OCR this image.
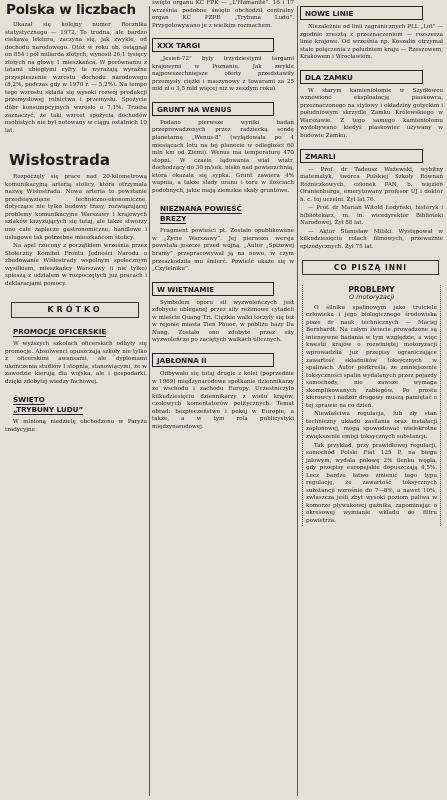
Polska w liczbach

Ukazał się kolejny numer Rocznika statystycznego — 1972. To trudna, ale bardzo ciekawa lektura, zaczyna się, jak zwykle, od dochodu narodowego. Otóż w roku ub. osiągnął on 854 i pół miliarda złotych, wynosił 26,1 tysięcy złotych na głowę 1 mieszkańca. W porównaniu z latami ubiegłymi cyfry te wyrażają wyraźne przyspieszenie wzrostu dochodu narodowego (8,2%, podczas gdy w 1970 r. — 5,2%). Na tempo tego wzrostu składa się wysoki rozwój produkcji przemysłowej rolnictwa i przemysłu. Spożycie dóbr konsumpcyjnych wzrosło o 7,1%. Trzeba zaznaczyć, że taki wzrost spożycia dochodów osobistych nie był notowany w ciągu ostatnich 10 lat.

Wisłostrada

Rozpoczęły się prace nad 20-kilometrową komunikacyjną arterią stolicy, która otrzymała nazwę Wisłostrada. Nowa arteria to powstanie przedsięwzięcie techniczno-ekonomiczne, dotyczące nie tylko budowy trasy, rozwiązującej problemy komunikacyjne Warszawy i krajowych szlaków krzyżujących się tutaj, ale także stworzy ono całe zaplecze gastronomiczne, handlowe i usługowe tak potrzebne mieszkańcom stolicy.

Na apel rzucony z początkiem września przez Stołeczny Komitet Frontu Jedności Narodu o zbudowanie Wisłostrady wspólnym społecznym wysiłkiem, mieszkańcy Warszawy (i nie tylko) spieszą z udziałem w rozpoczętych już pracach i deklaracjami pomocy.

KRÓTKO
PROMOCJE OFICERSKIE

W wyższych szkołach oficerskich odbyły się promocje. Absolwenci opuszczają szkoły nie tylko z oficerskimi awansami, ale dyplomami ukończenia studiów I stopnia, stanowiącymi, że w zawodzie kierują dla wojska, ale i gospodarki, dzięki zdobytej wiedzy fachowej.

ŚWIĘTO
„TRYBUNY LUDU”

W minioną niedzielę obchodzono w Paryżu tradycyjne

święto organu KC FPK — „L'Humanité”. 16 i 17 września podobne święto obchodził centralny organ KC PZPR „Trybuna Ludu”. Przygotowywano je z wielkim rozmachem.

XXX TARGI

„Jesień-72” były trzydziestymi targami krajowymi w Poznaniu. Jak zwykle najpowszechniejsze oferty przedstawiły przemysły ciężki i maszynowy z towarami za 25 mld zł o 3,5 mld więcej niż w zeszłym roku).

GRUNT NA WENUS

Podano pierwsze wyniki badań przeprowadzonych przez radziecką sondę planetarną „Wenus-8” (wylądowała po 4 miesiącach lotu na tej planecie w odległości 60 mln km od Ziemi). Wenus ma temperaturę 470 stopni. W czasie lądowania wiał wiatr, dochodzący do 30 m/sek. nisko nad powierzchnią, która okazała się sypka. Grunt zawiera 4% wapnia, a także ślady uranu i toru w ilościach podobnych, jakie mają ziemskie skały gruntowe.

NIEZNANA POWIEŚĆ
BREZY

Fragment powieści pt. Zostało opublikowane w „Życie Warszawy”. Jej pierwsza wersja powstała jeszcze przed wojną. „Autor „Spiżowej bramy” przepracowywał ją na nowo, w czym przeszkodziła mu śmierć. Powieść ukaże się w „Czytelniku”.

W WIETNAMIE

Symbolem oporu sił wyzwoleńczych jest zdobycie obleganej przez siły reżimowe cytadeli w mieście Quang Tri. Ciężkie walki toczyły się też w rejonie miasta Tien Phuoc, w pobliżu bazy Da Nang. Zostało ono zdobyte przez siły wyzwoleńcze po zaciętych walkach ulicznych.

JABŁONNA II

Odbywało się tutaj drugie z kolei (poprzednie w 1969) międzynarodowe spotkanie dziennikarzy ze wschodu i zachodu Europy. Uczestniczyło kilkudziesięciu dziennikarzy z wielu krajów, czołowych komentatorów politycznych. Temat obrad: bezpieczeństwo i pokój w Europie, a także, a w tym rola publicystyki międzynarodowej.

NOWE LINIE

Niezależnie od linii zagranicznych PLL „Lot” — zgodnie zresztą z przeznaczeniem — rozszerza linie krajowe. Od września np. Koszalin otrzymał stałe połączenia z południem kraju — Rzeszowem, Krakowem i Wrocławiem.

DLA ZAMKU

W starym kamieniołomie w Szydłowcu wznowiono eksploatację piaskowca, przeznaczonego na stylowy i okładziny gotyckim i południowym skrzydle Zamku Królewskiego w Warszawie. Z tego samego kamieniołomu wydobywano kiedyś piaskowiec używany w budowie Zamku.

ZMARLI

— Prof. dr Tadeusz Ważewski, wybitny matematyk, twórca Polskiej Szkoły Równań Różniczkowych, członek PAN, b. więzień Oranienburga, emerytowany profesor UJ i doktor h. c. tej uczelni. Żył lat 76.

— Prof. dr Marian Witold Łodyński, historyk i bibliotekarz, m. in. wicedyrektor Biblioteki Narodowej. Żył 88 lat.

— Aktor Stanisław Milski. Występował w kilkudziesięciu rolach filmowych, przeważnie epizodycznych. Żył 75 lat.

CO PISZĄ INNI
PROBLEMY
O motoryzacji

O silniku spalinowym jako truicielu człowieka i jego biologicznego środowiska pisze dr nauk technicznych — Maciej Bernhardt. Na całym świecie prowadzone są intensywne badania w tym względzie, a więc kwestii krajów o rozwiniętej motoryzacji wprowadziła już przepisy ograniczające zawartość składników toksycznych w spalinach. Autor podkreśla, że zmniejszenie toksyczności spalin wydalanych przez pojazdy samochody, nie zawsze wymaga skomplikowanych zabiegów. Po prostu kierowcy i nadzór drogowy muszą pamiętać o tej sprawie na co dzień.

Niewłaściwa regulacja, lub zły stan techniczny układu zasilania oraz instalacji zapłonowej, mogą spowodować wielokrotne zwiększenie emisji toksycznych substancji.

Tak przykład, przy prawidłowej regulacji, samochód Polski Fiat 125 P, na biegu jałowym, wydala połowę 2% tlenku węgla, gdy przepisy europejskie dopuszczają 4,5%. Lecz bardzo łatwo zmienić tego typu regulację, że zawartość toksycznych substancji wzrośnie do 7—8%, a nawet 10%, zwłaszcza jeśli zbyt wysoki poziom paliwa w komorze pływakowej gaźnika, zapominając o okresowej wymianie wkładu do filtru powietrza.
